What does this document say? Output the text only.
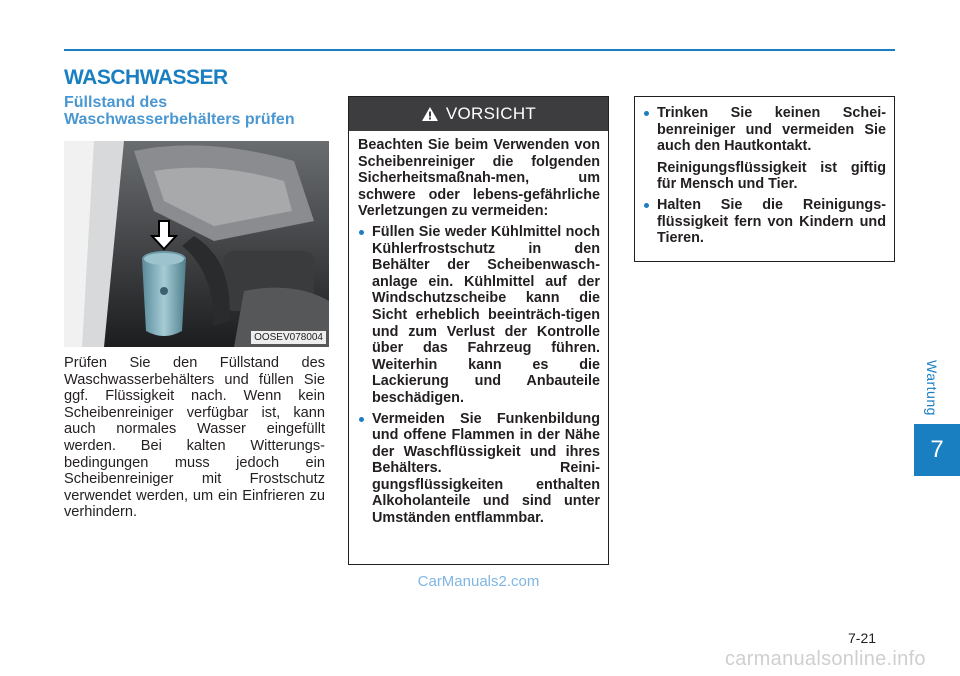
WASCHWASSER
Füllstand des Waschwasserbehälters prüfen
OOSEV078004

Prüfen Sie den Füllstand des Waschwasserbehälters und füllen Sie ggf. Flüssigkeit nach. Wenn kein Scheibenreiniger verfügbar ist, kann auch normales Wasser eingefüllt werden. Bei kalten Witterungs-bedingungen muss jedoch ein Scheibenreiniger mit Frostschutz verwendet werden, um ein Einfrieren zu verhindern.

VORSICHT

Beachten Sie beim Verwenden von Scheibenreiniger die folgenden Sicherheitsmaßnah-men, um schwere oder lebens-gefährliche Verletzungen zu vermeiden:

Füllen Sie weder Kühlmittel noch Kühlerfrostschutz in den Behälter der Scheibenwasch-anlage ein. Kühlmittel auf der Windschutzscheibe kann die Sicht erheblich beeinträch-tigen und zum Verlust der Kontrolle über das Fahrzeug führen. Weiterhin kann es die Lackierung und Anbauteile beschädigen.
Vermeiden Sie Funkenbildung und offene Flammen in der Nähe der Waschflüssigkeit und ihres Behälters. Reini-gungsflüssigkeiten enthalten Alkoholanteile und sind unter Umständen entflammbar.
Trinken Sie keinen Schei-benreiniger und vermeiden Sie auch den Hautkontakt.
Reinigungsflüssigkeit ist giftig für Mensch und Tier.
Halten Sie die Reinigungs-flüssigkeit fern von Kindern und Tieren.
CarManuals2.com
Wartung
7
7-21
carmanualsonline.info
